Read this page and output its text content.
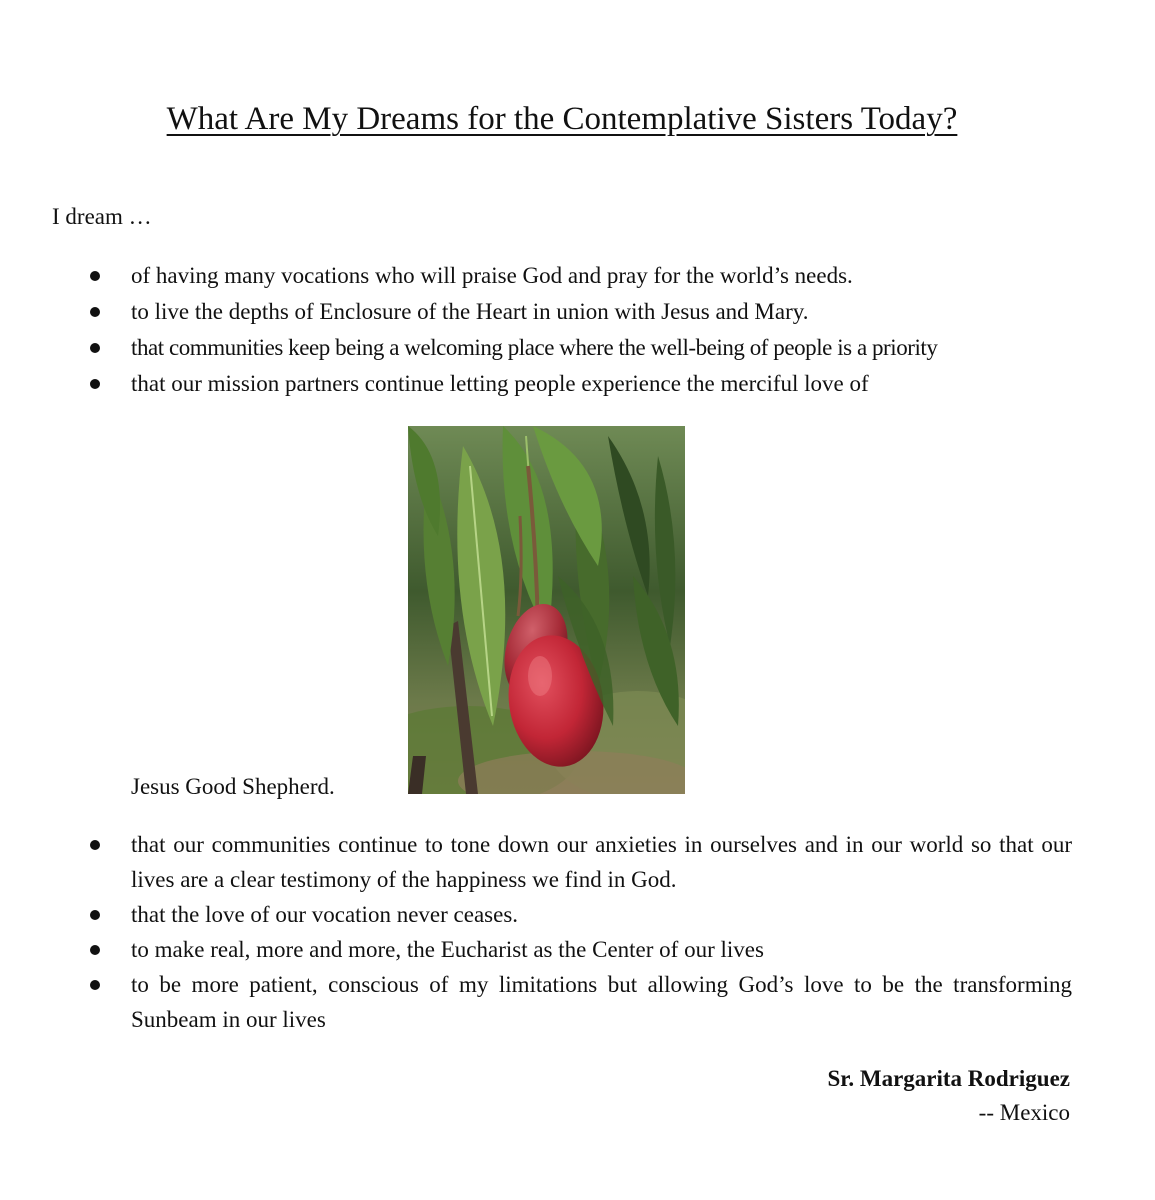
What Are My Dreams for the Contemplative Sisters Today?

I dream …

of having many vocations who will praise God and pray for the world’s needs.
to live the depths of Enclosure of the Heart in union with Jesus and Mary.
that communities keep being a welcoming place where the well-being of people is a priority
that our mission partners continue letting people experience the merciful love of

Jesus Good Shepherd.

that our communities continue to tone down our anxieties in ourselves and in our world so that our lives are a clear testimony of the happiness we find in God.
that the love of our vocation never ceases.
to make real, more and more, the Eucharist as the Center of our lives
to be more patient, conscious of my limitations but allowing God’s love to be the transforming Sunbeam in our lives
Sr. Margarita Rodriguez
-- Mexico
